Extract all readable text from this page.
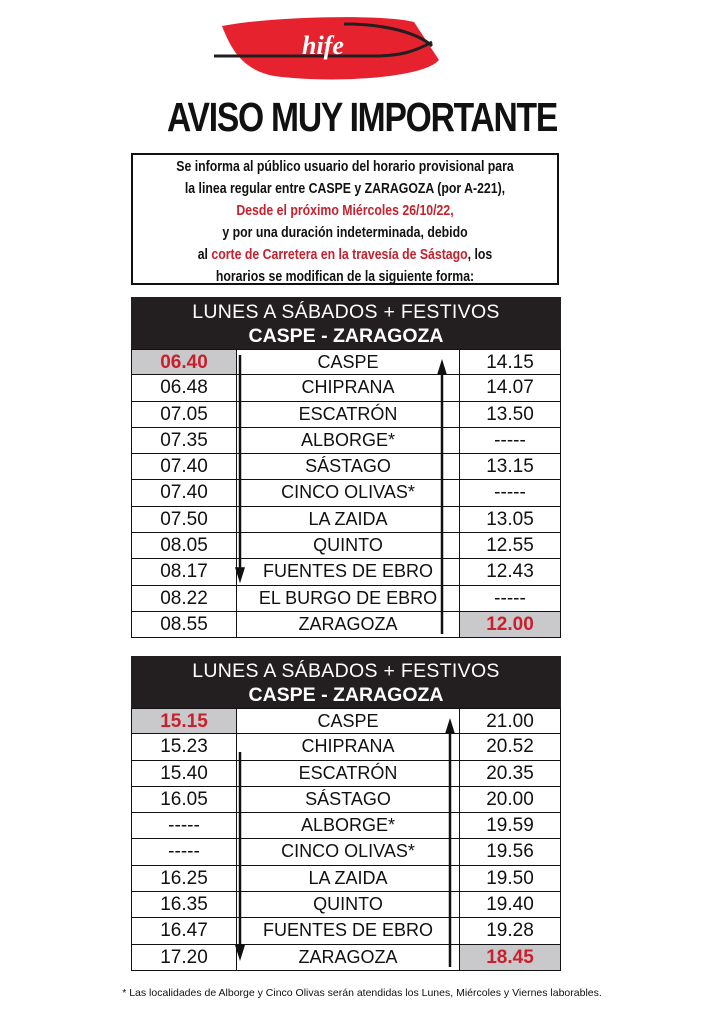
hife
AVISO MUY IMPORTANTE
Se informa al público usuario del horario provisional para
la linea regular entre CASPE y ZARAGOZA (por A-221),
Desde el próximo Miércoles 26/10/22,
y por una duración indeterminada, debido
al corte de Carretera en la travesía de Sástago, los
horarios se modifican de la siguiente forma:
LUNES A SÁBADOS + FESTIVOS
CASPE - ZARAGOZA
06.40	CASPE	14.15
06.48	CHIPRANA	14.07
07.05	ESCATRÓN	13.50
07.35	ALBORGE*	-----
07.40	SÁSTAGO	13.15
07.40	CINCO OLIVAS*	-----
07.50	LA ZAIDA	13.05
08.05	QUINTO	12.55
08.17	FUENTES DE EBRO	12.43
08.22	EL BURGO DE EBRO	-----
08.55	ZARAGOZA	12.00
LUNES A SÁBADOS + FESTIVOS
CASPE - ZARAGOZA
15.15	CASPE	21.00
15.23	CHIPRANA	20.52
15.40	ESCATRÓN	20.35
16.05	SÁSTAGO	20.00
-----	ALBORGE*	19.59
-----	CINCO OLIVAS*	19.56
16.25	LA ZAIDA	19.50
16.35	QUINTO	19.40
16.47	FUENTES DE EBRO	19.28
17.20	ZARAGOZA	18.45
* Las localidades de Alborge y Cinco Olivas serán atendidas los Lunes, Miércoles y Viernes laborables.
